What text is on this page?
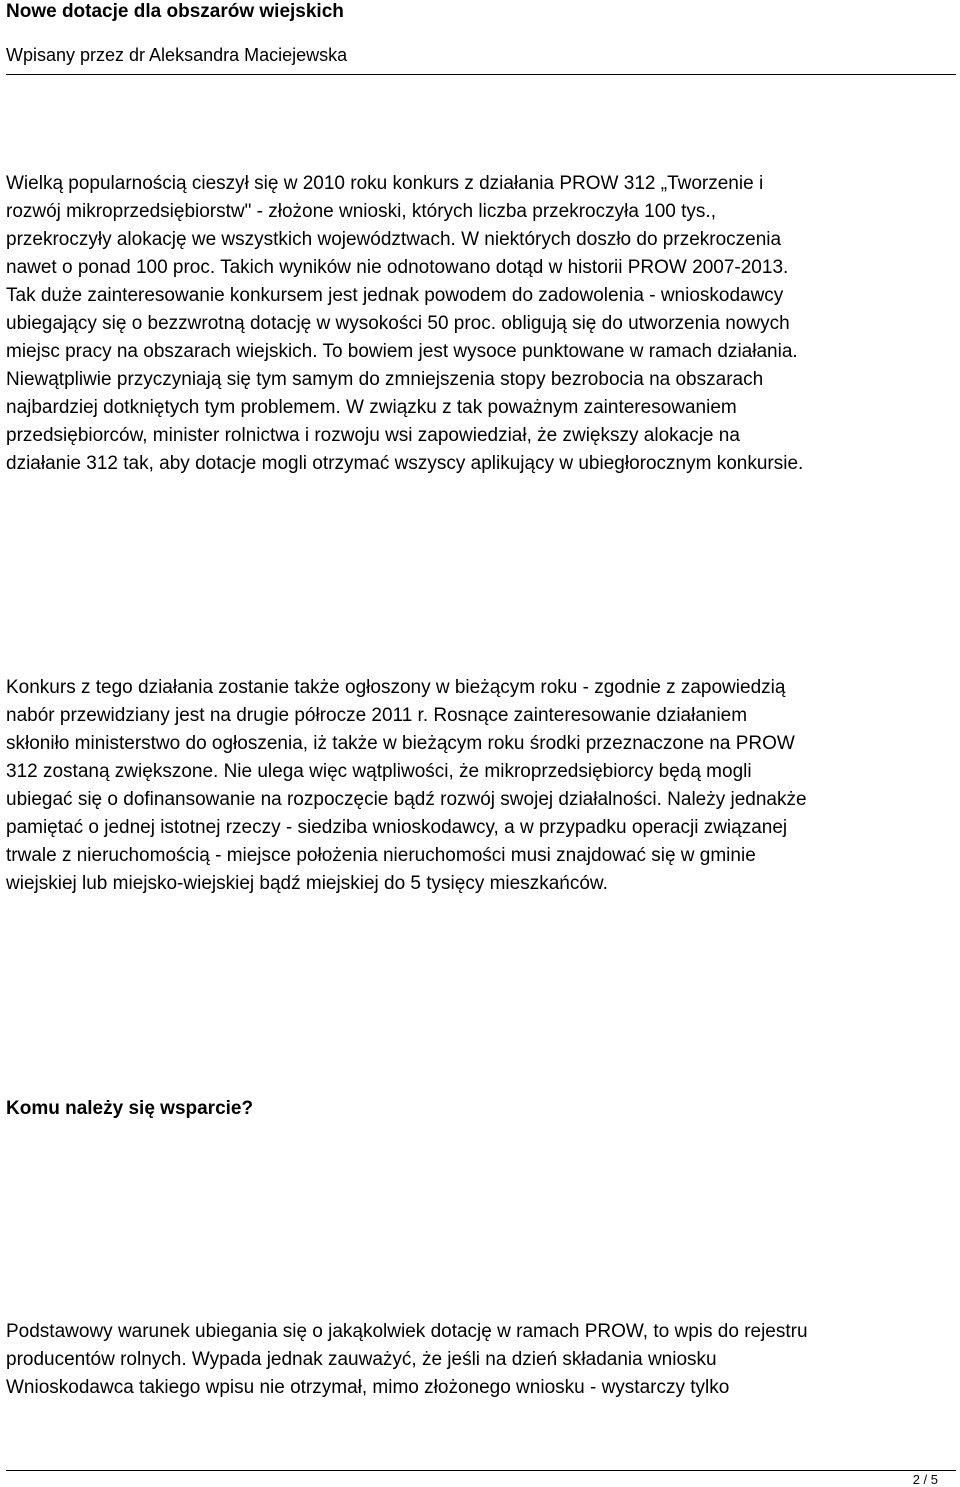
Nowe dotacje dla obszarów wiejskich

Wpisany przez dr Aleksandra Maciejewska

Wielką popularnością cieszył się w 2010 roku konkurs z działania PROW 312 „Tworzenie i
rozwój mikroprzedsiębiorstw" - złożone wnioski, których liczba przekroczyła 100 tys.,
przekroczyły alokację we wszystkich województwach. W niektórych doszło do przekroczenia
nawet o ponad 100 proc. Takich wyników nie odnotowano dotąd w historii PROW 2007-2013.
Tak duże zainteresowanie konkursem jest jednak powodem do zadowolenia - wnioskodawcy
ubiegający się o bezzwrotną dotację w wysokości 50 proc. obligują się do utworzenia nowych
miejsc pracy na obszarach wiejskich. To bowiem jest wysoce punktowane w ramach działania.
Niewątpliwie przyczyniają się tym samym do zmniejszenia stopy bezrobocia na obszarach
najbardziej dotkniętych tym problemem. W związku z tak poważnym zainteresowaniem
przedsiębiorców, minister rolnictwa i rozwoju wsi zapowiedział, że zwiększy alokacje na
działanie 312 tak, aby dotacje mogli otrzymać wszyscy aplikujący w ubiegłorocznym konkursie.
Konkurs z tego działania zostanie także ogłoszony w bieżącym roku - zgodnie z zapowiedzią
nabór przewidziany jest na drugie półrocze 2011 r. Rosnące zainteresowanie działaniem
skłoniło ministerstwo do ogłoszenia, iż także w bieżącym roku środki przeznaczone na PROW
312 zostaną zwiększone. Nie ulega więc wątpliwości, że mikroprzedsiębiorcy będą mogli
ubiegać się o dofinansowanie na rozpoczęcie bądź rozwój swojej działalności. Należy jednakże
pamiętać o jednej istotnej rzeczy - siedziba wnioskodawcy, a w przypadku operacji związanej
trwale z nieruchomością - miejsce położenia nieruchomości musi znajdować się w gminie
wiejskiej lub miejsko-wiejskiej bądź miejskiej do 5 tysięcy mieszkańców.
Komu należy się wsparcie?
Podstawowy warunek ubiegania się o jakąkolwiek dotację w ramach PROW, to wpis do rejestru
producentów rolnych. Wypada jednak zauważyć, że jeśli na dzień składania wniosku
Wnioskodawca takiego wpisu nie otrzymał, mimo złożonego wniosku - wystarczy tylko
2 / 5
